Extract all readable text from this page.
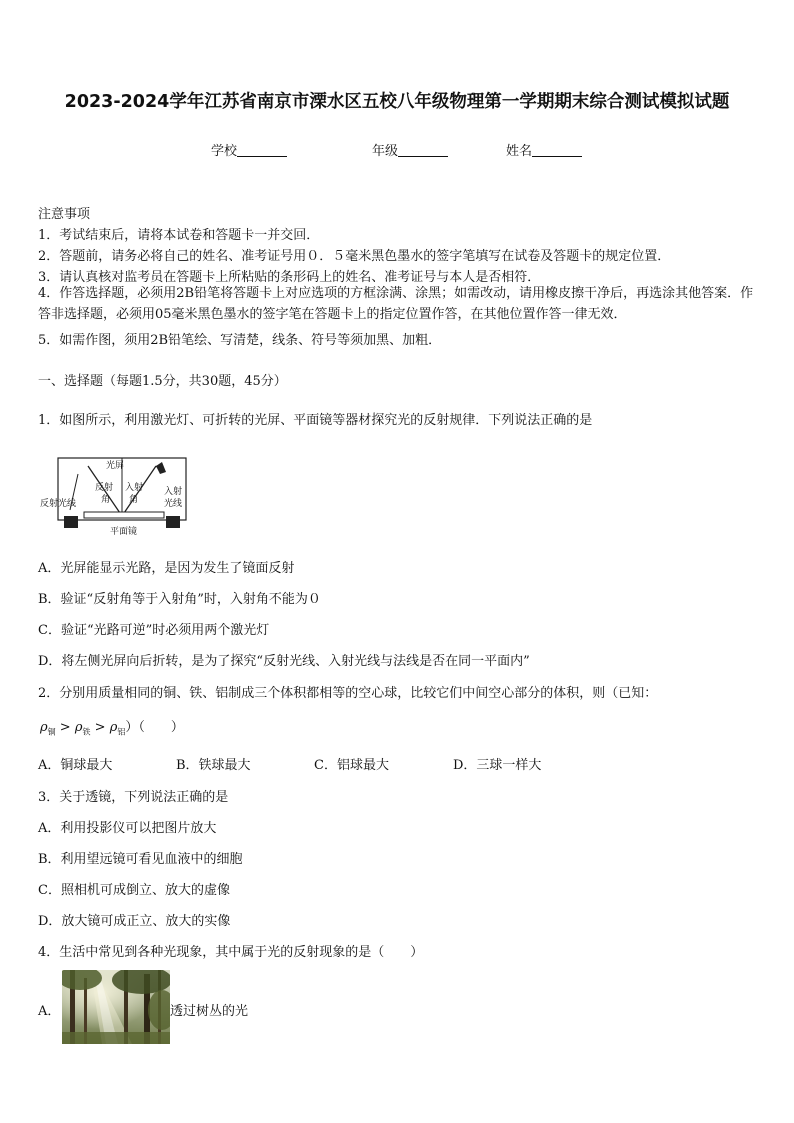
2023-2024学年江苏省南京市溧水区五校八年级物理第一学期期末综合测试模拟试题
学校	年级	姓名
注意事项
1．考试结束后，请将本试卷和答题卡一并交回．
2．答题前，请务必将自己的姓名、准考证号用０．５毫米黑色墨水的签字笔填写在试卷及答题卡的规定位置．
3．请认真核对监考员在答题卡上所粘贴的条形码上的姓名、准考证号与本人是否相符．
4．作答选择题，必须用2B铅笔将答题卡上对应选项的方框涂满、涂黑；如需改动，请用橡皮擦干净后，再选涂其他答案．作答非选择题，必须用05毫米黑色墨水的签字笔在答题卡上的指定位置作答，在其他位置作答一律无效．
5．如需作图，须用2B铅笔绘、写清楚，线条、符号等须加黑、加粗．
一、选择题（每题1.5分，共30题，45分）
1．如图所示，利用激光灯、可折转的光屏、平面镜等器材探究光的反射规律．下列说法正确的是
光屏
反射
角
入射
角
反射光线
入射
光线
平面镜
A．光屏能显示光路，是因为发生了镜面反射
B．验证“反射角等于入射角”时，入射角不能为０
C．验证“光路可逆”时必须用两个激光灯
D．将左侧光屏向后折转，是为了探究“反射光线、入射光线与法线是否在同一平面内”
2．分别用质量相同的铜、铁、铝制成三个体积都相等的空心球，比较它们中间空心部分的体积，则（已知：
$\rho_铜 > \rho_铁 > \rho_铝$）（　　）
A．铜球最大	B．铁球最大	C．铝球最大	D．三球一样大
3．关于透镜，下列说法正确的是
A．利用投影仪可以把图片放大
B．利用望远镜可看见血液中的细胞
C．照相机可成倒立、放大的虚像
D．放大镜可成正立、放大的实像
4．生活中常见到各种光现象，其中属于光的反射现象的是（　　）
A．	透过树丛的光
